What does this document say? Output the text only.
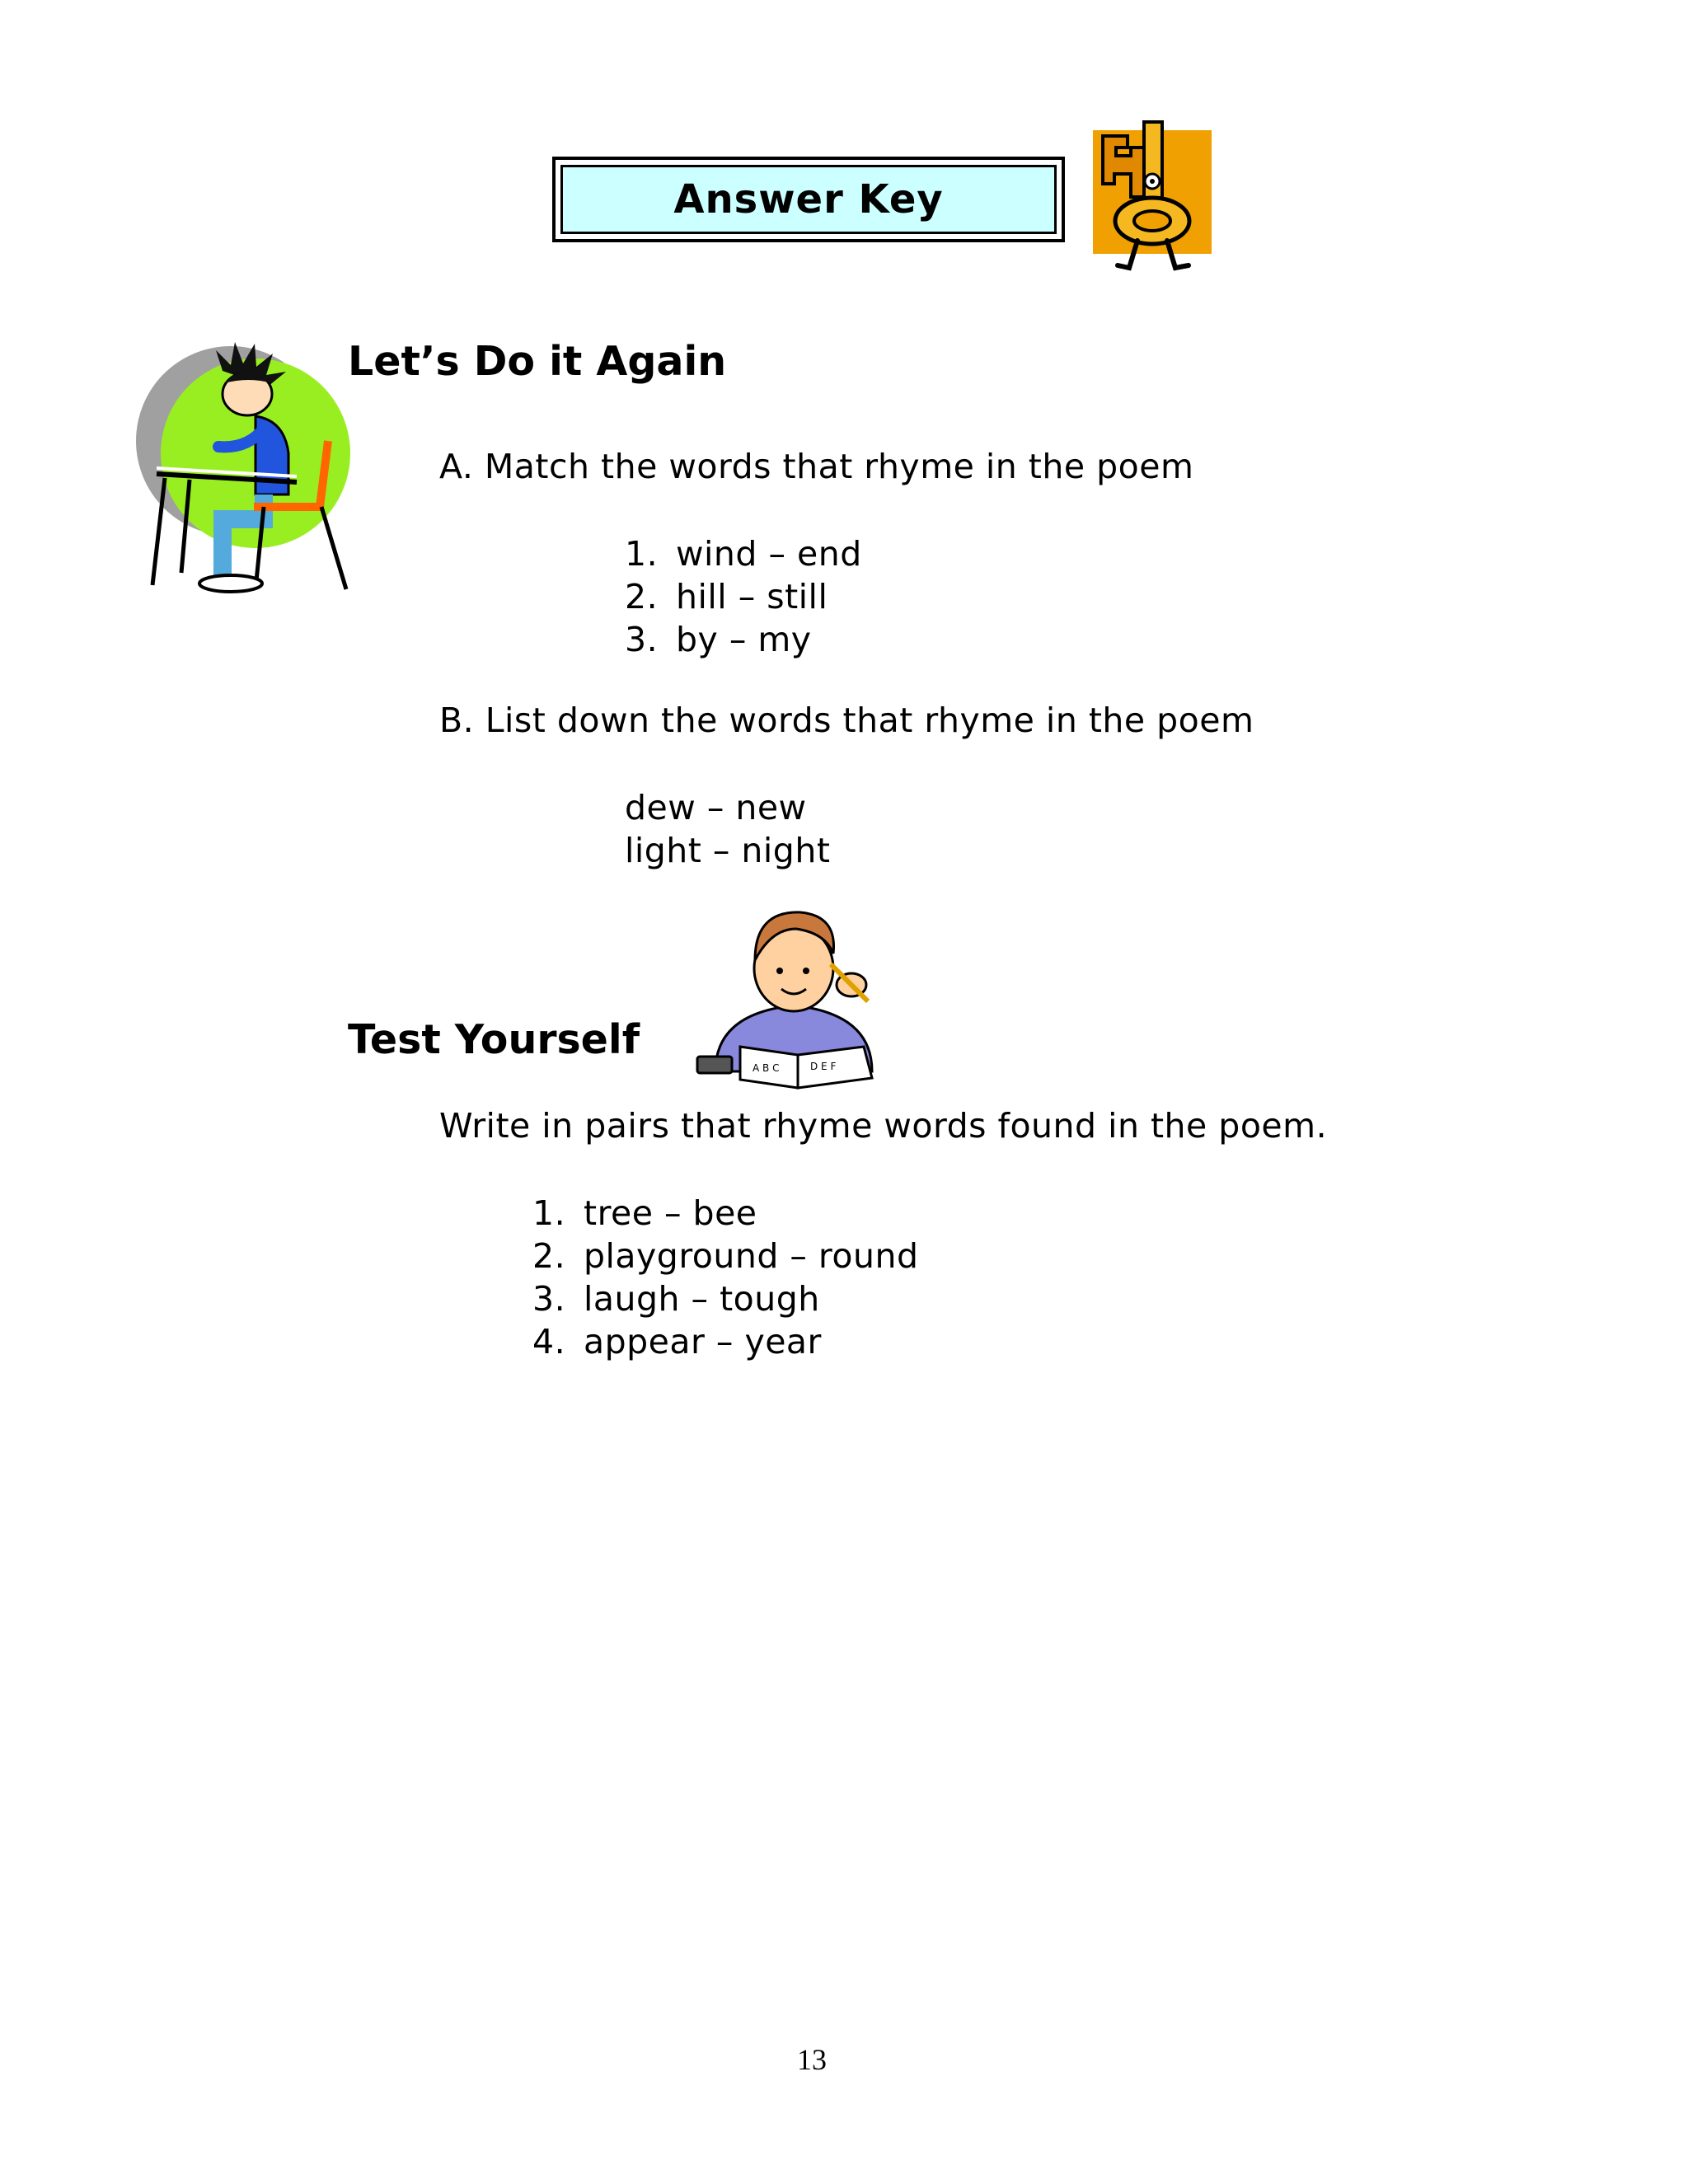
Answer Key
Let’s Do it Again
A. Match the words that rhyme in the poem
1. wind – end
2. hill – still
3. by – my
B. List down the words that rhyme in the poem
dew – new
light – night
A B C	D E F
Test Yourself
Write in pairs that rhyme words found in the poem.
1. tree – bee
2. playground – round
3. laugh – tough
4. appear – year
13
